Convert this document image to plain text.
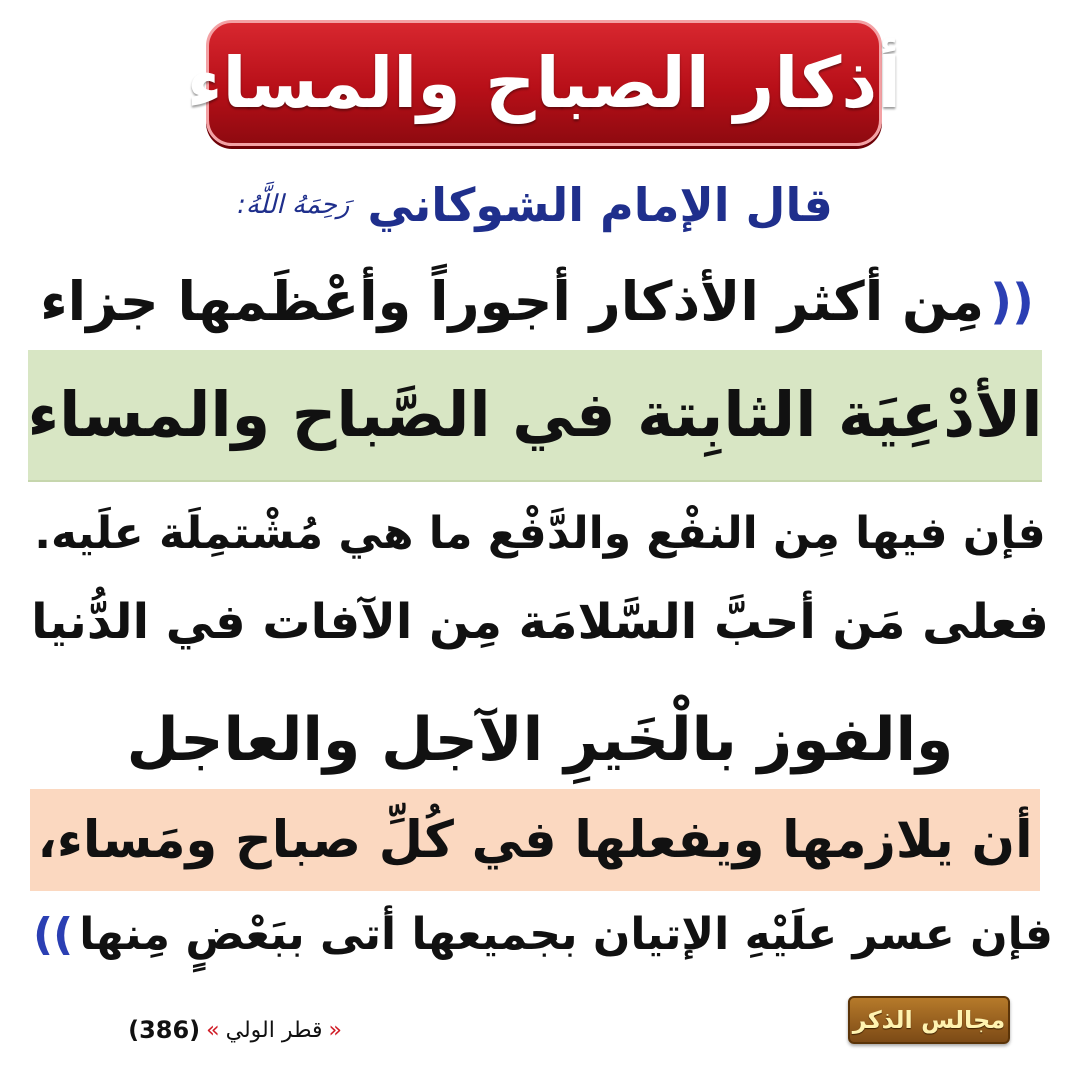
أذكار الصباح والمساء
قال الإمام الشوكاني
رَحِمَهُ اللَّهُ:
((
مِن أكثر الأذكار أجوراً وأعْظَمها جزاء
الأدْعِيَة الثابِتة في الصَّباح والمساء
فإن فيها مِن النفْع والدَّفْع ما هي مُشْتمِلَة علَيه.
فعلى مَن أحبَّ السَّلامَة مِن الآفات في الدُّنيا
والفوز بالْخَيرِ الآجل والعاجل
أن يلازمها ويفعلها في كُلِّ صباح ومَساء،
فإن عسر علَيْهِ الإتيان بجميعها أتى ببَعْضٍ مِنها
))
«
قطر الولي
»
(386)	مجالس الذكر
